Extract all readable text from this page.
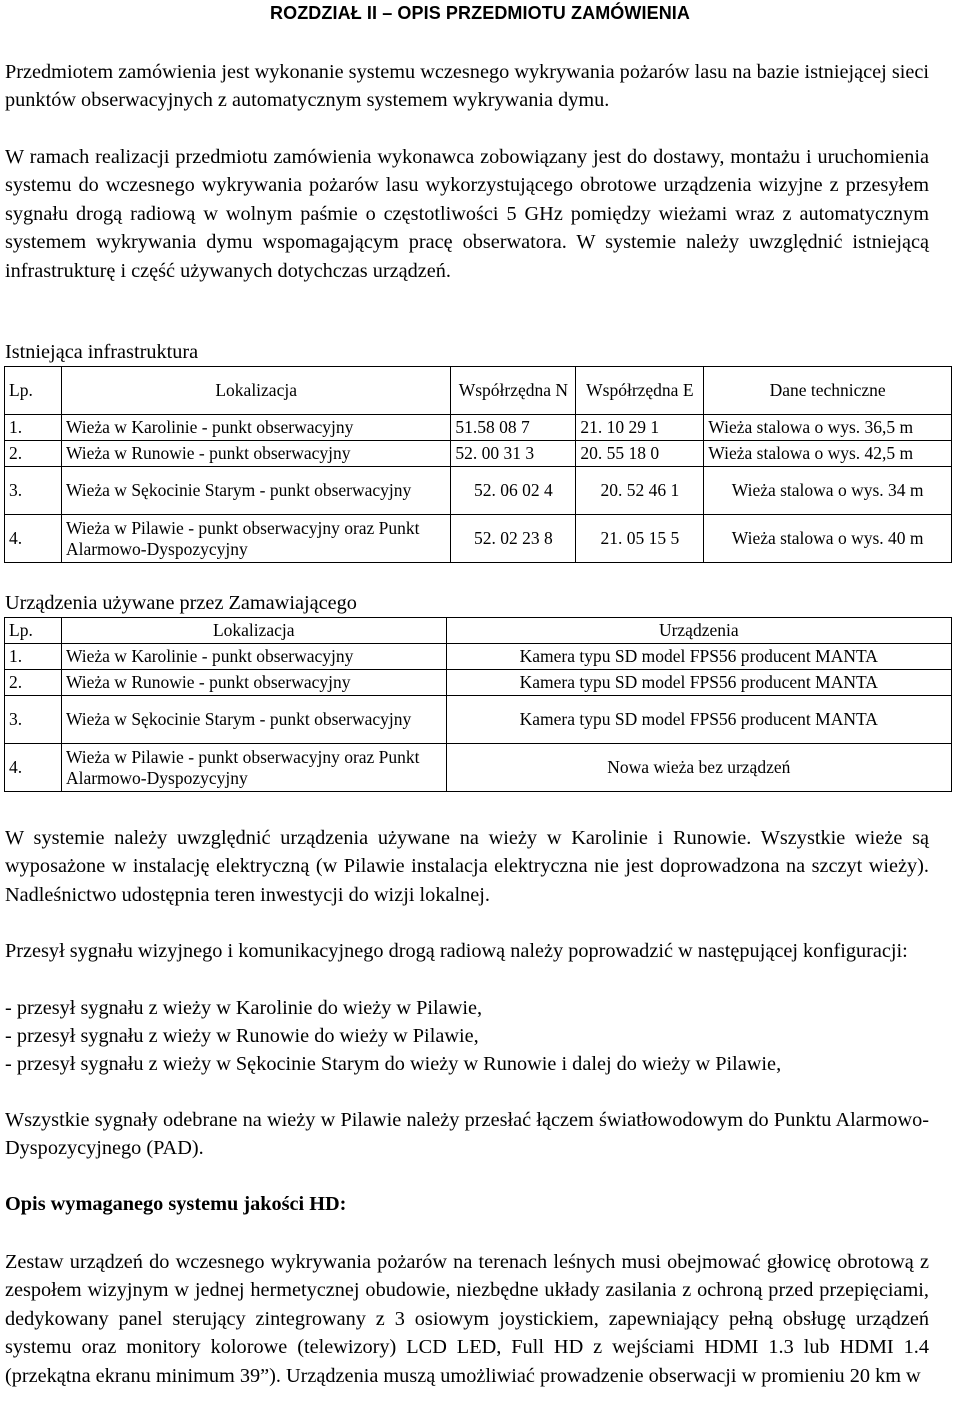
ROZDZIAŁ II – OPIS PRZEDMIOTU ZAMÓWIENIA

Przedmiotem zamówienia jest wykonanie systemu wczesnego wykrywania pożarów lasu na bazie istniejącej sieci punktów obserwacyjnych z automatycznym systemem wykrywania dymu.

W ramach realizacji przedmiotu zamówienia wykonawca zobowiązany jest do dostawy, montażu i uruchomienia systemu do wczesnego wykrywania pożarów lasu wykorzystującego obrotowe urządzenia wizyjne z przesyłem sygnału drogą radiową w wolnym paśmie o częstotliwości 5 GHz pomiędzy wieżami wraz z automatycznym systemem wykrywania dymu wspomagającym pracę obserwatora. W systemie należy uwzględnić istniejącą infrastrukturę i część używanych dotychczas urządzeń.

Istniejąca infrastruktura
Lp.	Lokalizacja	Współrzędna N	Współrzędna E	Dane techniczne
1.	Wieża w Karolinie - punkt obserwacyjny	51.58 08 7	21. 10 29 1	Wieża stalowa o wys. 36,5 m
2.	Wieża w Runowie - punkt obserwacyjny	52. 00 31 3	20. 55 18 0	Wieża stalowa o wys. 42,5 m
3.	Wieża w Sękocinie Starym - punkt obserwacyjny	52. 06 02 4	20. 52 46 1	Wieża stalowa o wys. 34 m
4.	Wieża w Pilawie - punkt obserwacyjny oraz Punkt Alarmowo-Dyspozycyjny	52. 02 23 8	21. 05 15 5	Wieża stalowa o wys. 40 m
Urządzenia używane przez Zamawiającego
Lp.	Lokalizacja	Urządzenia
1.	Wieża w Karolinie - punkt obserwacyjny	Kamera typu SD model FPS56 producent MANTA
2.	Wieża w Runowie - punkt obserwacyjny	Kamera typu SD model FPS56 producent MANTA
3.	Wieża w Sękocinie Starym - punkt obserwacyjny	Kamera typu SD model FPS56 producent MANTA
4.	Wieża w Pilawie - punkt obserwacyjny oraz Punkt Alarmowo-Dyspozycyjny	Nowa wieża bez urządzeń

W systemie należy uwzględnić urządzenia używane na wieży w Karolinie i Runowie. Wszystkie wieże są wyposażone w instalację elektryczną (w Pilawie instalacja elektryczna nie jest doprowadzona na szczyt wieży). Nadleśnictwo udostępnia teren inwestycji do wizji lokalnej.

Przesył sygnału wizyjnego i komunikacyjnego drogą radiową należy poprowadzić w następującej konfiguracji:

- przesył sygnału z wieży w Karolinie do wieży w Pilawie,
- przesył sygnału z wieży w Runowie do wieży w Pilawie,
- przesył sygnału z wieży w Sękocinie Starym do wieży w Runowie i dalej do wieży w Pilawie,

Wszystkie sygnały odebrane na wieży w Pilawie należy przesłać łączem światłowodowym do Punktu Alarmowo-Dyspozycyjnego (PAD).

Opis wymaganego systemu jakości HD:

Zestaw urządzeń do wczesnego wykrywania pożarów na terenach leśnych musi obejmować głowicę obrotową z zespołem wizyjnym w jednej hermetycznej obudowie, niezbędne układy zasilania z ochroną przed przepięciami, dedykowany panel sterujący zintegrowany z 3 osiowym joystickiem, zapewniający pełną obsługę urządzeń systemu oraz monitory kolorowe (telewizory) LCD LED, Full HD z wejściami HDMI 1.3 lub HDMI 1.4 (przekątna ekranu minimum 39”). Urządzenia muszą umożliwiać prowadzenie obserwacji w promieniu 20 km w
